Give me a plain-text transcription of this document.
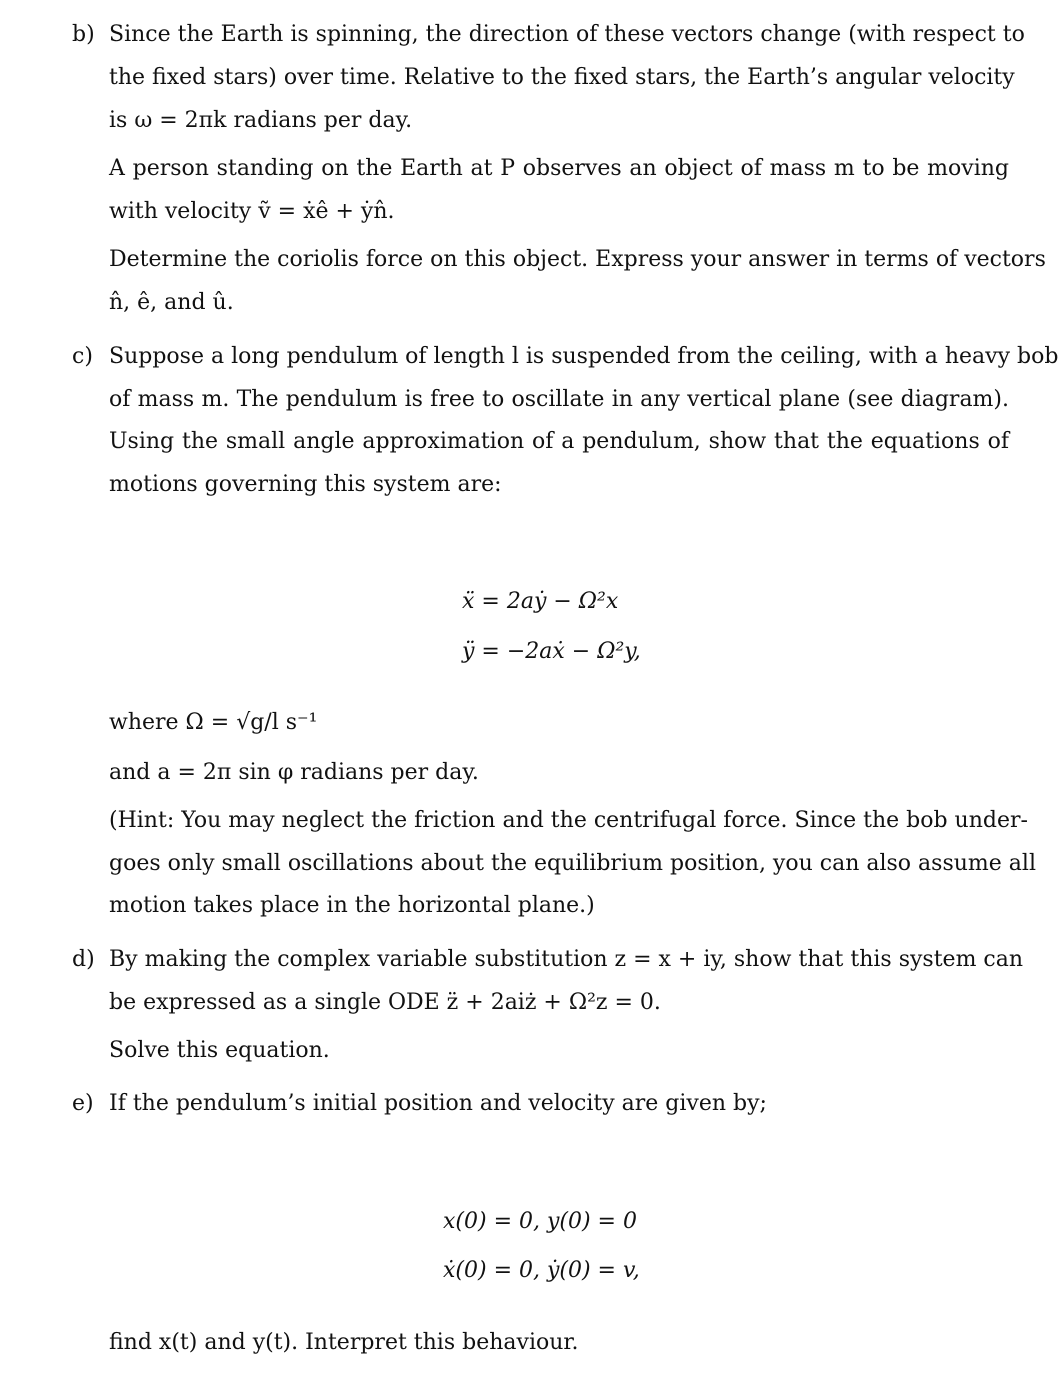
b) Since the Earth is spinning, the direction of these vectors change (with respect to
the fixed stars) over time. Relative to the fixed stars, the Earth’s angular velocity
is ω = 2πk radians per day.
A person standing on the Earth at P observes an object of mass m to be moving
with velocity ṽ = ẋê + ẏn̂.
Determine the coriolis force on this object. Express your answer in terms of vectors
n̂, ê, and û.
c) Suppose a long pendulum of length l is suspended from the ceiling, with a heavy bob
of mass m. The pendulum is free to oscillate in any vertical plane (see diagram).
Using the small angle approximation of a pendulum, show that the equations of
motions governing this system are:
ẍ = 2aẏ − Ω²x
ÿ = −2aẋ − Ω²y,
where Ω = √g/l s⁻¹
and a = 2π sin φ radians per day.
(Hint: You may neglect the friction and the centrifugal force. Since the bob under-
goes only small oscillations about the equilibrium position, you can also assume all
motion takes place in the horizontal plane.)
d) By making the complex variable substitution z = x + iy, show that this system can
be expressed as a single ODE z̈ + 2aiż + Ω²z = 0.
Solve this equation.
e) If the pendulum’s initial position and velocity are given by;
x(0) = 0, y(0) = 0
ẋ(0) = 0, ẏ(0) = v,
find x(t) and y(t). Interpret this behaviour.
